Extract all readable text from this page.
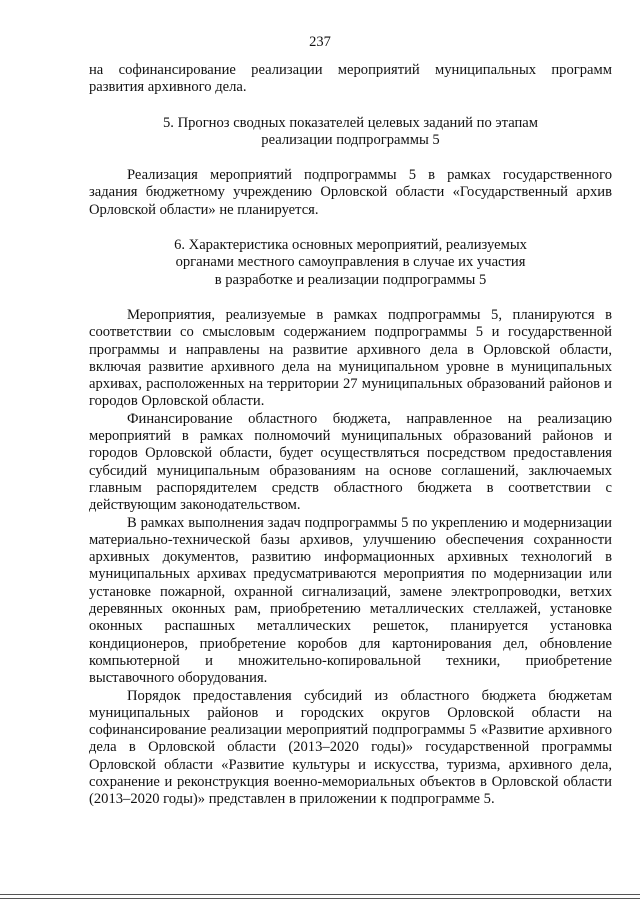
237

на софинансирование реализации мероприятий муниципальных программ развития архивного дела.

5. Прогноз сводных показателей целевых заданий по этапам
реализации подпрограммы 5

Реализация мероприятий подпрограммы 5 в рамках государственного задания бюджетному учреждению Орловской области «Государственный архив Орловской области» не планируется.

6. Характеристика основных мероприятий, реализуемых
органами местного самоуправления в случае их участия
в разработке и реализации подпрограммы 5

Мероприятия, реализуемые в рамках подпрограммы 5, планируются в соответствии со смысловым содержанием подпрограммы 5 и государственной программы и направлены на развитие архивного дела в Орловской области, включая развитие архивного дела на муниципальном уровне в муниципальных архивах, расположенных на территории 27 муниципальных образований районов и городов Орловской области.

Финансирование областного бюджета, направленное на реализацию мероприятий в рамках полномочий муниципальных образований районов и городов Орловской области, будет осуществляться посредством предоставления субсидий муниципальным образованиям на основе соглашений, заключаемых главным распорядителем средств областного бюджета в соответствии с действующим законодательством.

В рамках выполнения задач подпрограммы 5 по укреплению и модернизации материально-технической базы архивов, улучшению обеспечения сохранности архивных документов, развитию информационных архивных технологий в муниципальных архивах предусматриваются мероприятия по модернизации или установке пожарной, охранной сигнализаций, замене электропроводки, ветхих деревянных оконных рам, приобретению металлических стеллажей, установке оконных распашных металлических решеток, планируется установка кондиционеров, приобретение коробов для картонирования дел, обновление компьютерной и множительно-копировальной техники, приобретение выставочного оборудования.

Порядок предоставления субсидий из областного бюджета бюджетам муниципальных районов и городских округов Орловской области на софинансирование реализации мероприятий подпрограммы 5 «Развитие архивного дела в Орловской области (2013–2020 годы)» государственной программы Орловской области «Развитие культуры и искусства, туризма, архивного дела, сохранение и реконструкция военно-мемориальных объектов в Орловской области (2013–2020 годы)» представлен в приложении к подпрограмме 5.
